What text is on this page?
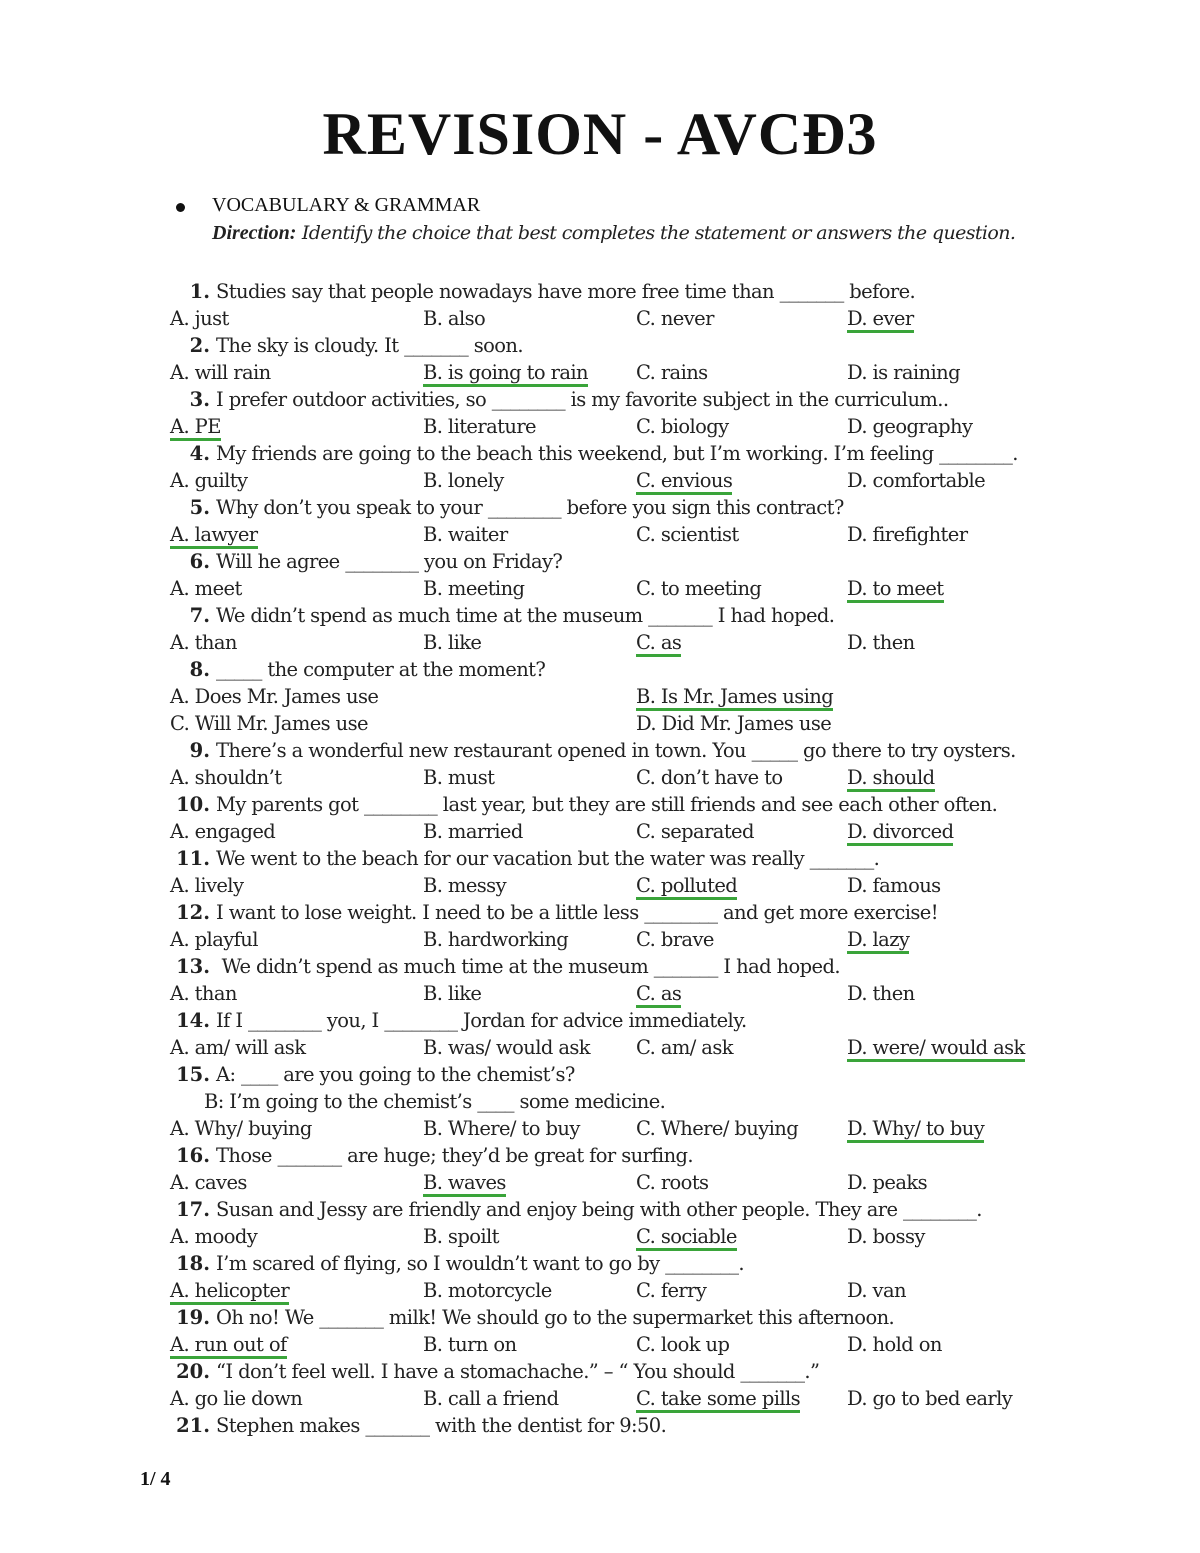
REVISION - AVCĐ3
VOCABULARY & GRAMMAR
Direction: Identify the choice that best completes the statement or answers the question.
1. Studies say that people nowadays have more free time than _______ before.
A. just	B. also	C. never	D. ever
2. The sky is cloudy. It _______ soon.
A. will rain	B. is going to rain C. rains	D. is raining
3. I prefer outdoor activities, so ________ is my favorite subject in the curriculum..
A. PE	B. literature	C. biology	D. geography
4. My friends are going to the beach this weekend, but I’m working. I’m feeling ________.
A. guilty	B. lonely	C. envious	D. comfortable
5. Why don’t you speak to your ________ before you sign this contract?
A. lawyer	B. waiter	C. scientist	D. firefighter
6. Will he agree ________ you on Friday?
A. meet	B. meeting	C. to meeting	D. to meet
7. We didn’t spend as much time at the museum _______ I had hoped.
A. than	B. like	C. as	D. then
8. _____ the computer at the moment?
A. Does Mr. James use	B. Is Mr. James using
C. Will Mr. James use	D. Did Mr. James use
9. There’s a wonderful new restaurant opened in town. You _____ go there to try oysters.
A. shouldn’t	B. must	C. don’t have to	D. should
10. My parents got ________ last year, but they are still friends and see each other often.
A. engaged	B. married	C. separated	D. divorced
11. We went to the beach for our vacation but the water was really _______.
A. lively	B. messy	C. polluted	D. famous
12. I want to lose weight. I need to be a little less ________ and get more exercise!
A. playful	B. hardworking	C. brave	D. lazy
13. We didn’t spend as much time at the museum _______ I had hoped.
A. than	B. like	C. as	D. then
14. If I ________ you, I ________ Jordan for advice immediately.
A. am/ will ask	B. was/ would ask C. am/ ask	D. were/ would ask
15. A: ____ are you going to the chemist’s?
B: I’m going to the chemist’s ____ some medicine.
A. Why/ buying	B. Where/ to buy	C. Where/ buying	D. Why/ to buy
16. Those _______ are huge; they’d be great for surfing.
A. caves	B. waves	C. roots	D. peaks
17. Susan and Jessy are friendly and enjoy being with other people. They are ________.
A. moody	B. spoilt	C. sociable	D. bossy
18. I’m scared of flying, so I wouldn’t want to go by ________.
A. helicopter	B. motorcycle	C. ferry	D. van
19. Oh no! We _______ milk! We should go to the supermarket this afternoon.
A. run out of	B. turn on	C. look up	D. hold on
20. “I don’t feel well. I have a stomachache.” – “ You should _______.”
A. go lie down	B. call a friend	C. take some pills D. go to bed early
21. Stephen makes _______ with the dentist for 9:50.
1/ 4
